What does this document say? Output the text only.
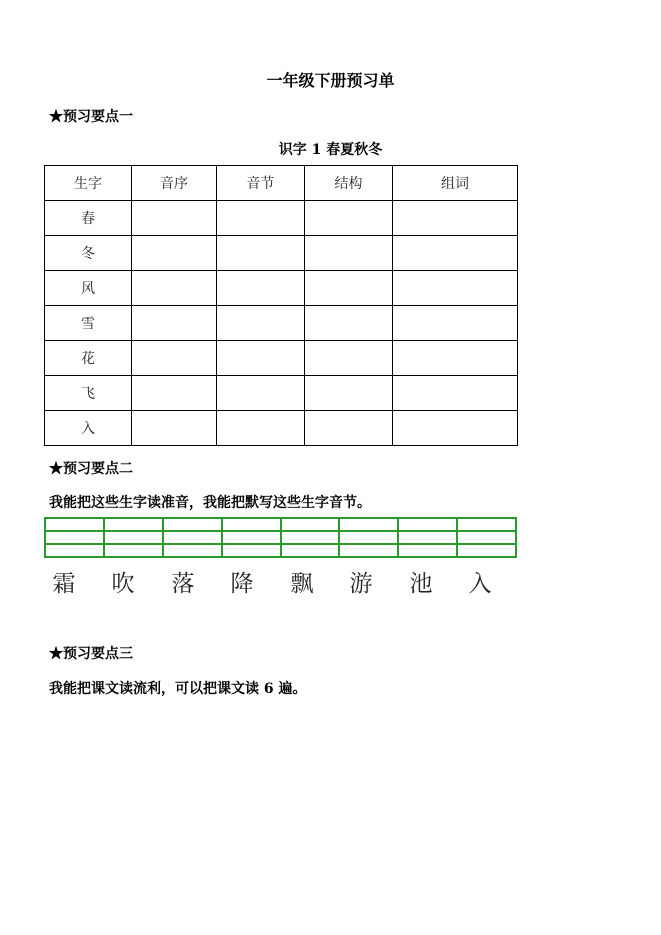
一年级下册预习单
★预习要点一
识字 1 春夏秋冬
生字	音序	音节	结构	组词
春				
冬				
风				
雪				
花				
飞				
入				
★预习要点二
我能把这些生字读准音，我能把默写这些生字音节。

霜	吹	落	降	飘	游	池	入
★预习要点三
我能把课文读流利，可以把课文读 6 遍。
